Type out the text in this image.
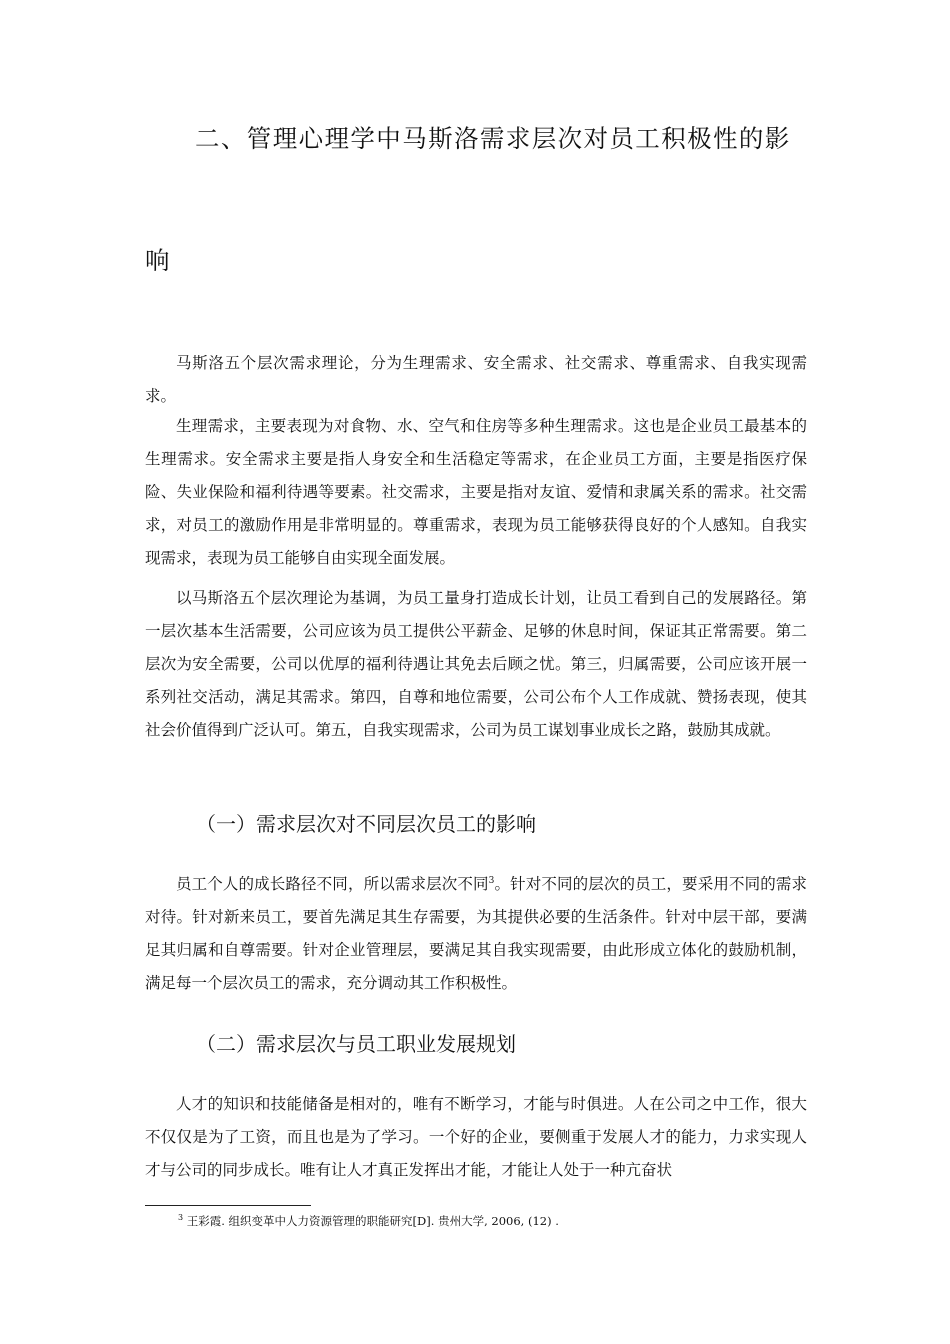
二、管理心理学中马斯洛需求层次对员工积极性的影
响

马斯洛五个层次需求理论，分为生理需求、安全需求、社交需求、尊重需求、自我实现需求。

生理需求，主要表现为对食物、水、空气和住房等多种生理需求。这也是企业员工最基本的生理需求。安全需求主要是指人身安全和生活稳定等需求，在企业员工方面，主要是指医疗保险、失业保险和福利待遇等要素。社交需求，主要是指对友谊、爱情和隶属关系的需求。社交需求，对员工的激励作用是非常明显的。尊重需求，表现为员工能够获得良好的个人感知。自我实现需求，表现为员工能够自由实现全面发展。

以马斯洛五个层次理论为基调，为员工量身打造成长计划，让员工看到自己的发展路径。第一层次基本生活需要，公司应该为员工提供公平薪金、足够的休息时间，保证其正常需要。第二层次为安全需要，公司以优厚的福利待遇让其免去后顾之忧。第三，归属需要，公司应该开展一系列社交活动，满足其需求。第四，自尊和地位需要，公司公布个人工作成就、赞扬表现，使其社会价值得到广泛认可。第五，自我实现需求，公司为员工谋划事业成长之路，鼓励其成就。

（一）需求层次对不同层次员工的影响

员工个人的成长路径不同，所以需求层次不同$^3$。针对不同的层次的员工，要采用不同的需求对待。针对新来员工，要首先满足其生存需要，为其提供必要的生活条件。针对中层干部，要满足其归属和自尊需要。针对企业管理层，要满足其自我实现需要，由此形成立体化的鼓励机制，满足每一个层次员工的需求，充分调动其工作积极性。

（二）需求层次与员工职业发展规划

人才的知识和技能储备是相对的，唯有不断学习，才能与时俱进。人在公司之中工作，很大不仅仅是为了工资，而且也是为了学习。一个好的企业，要侧重于发展人才的能力，力求实现人才与公司的同步成长。唯有让人才真正发挥出才能，才能让人处于一种亢奋状

$^3$ 王彩霞. 组织变革中人力资源管理的职能研究[D]. 贵州大学, 2006, (12) .
